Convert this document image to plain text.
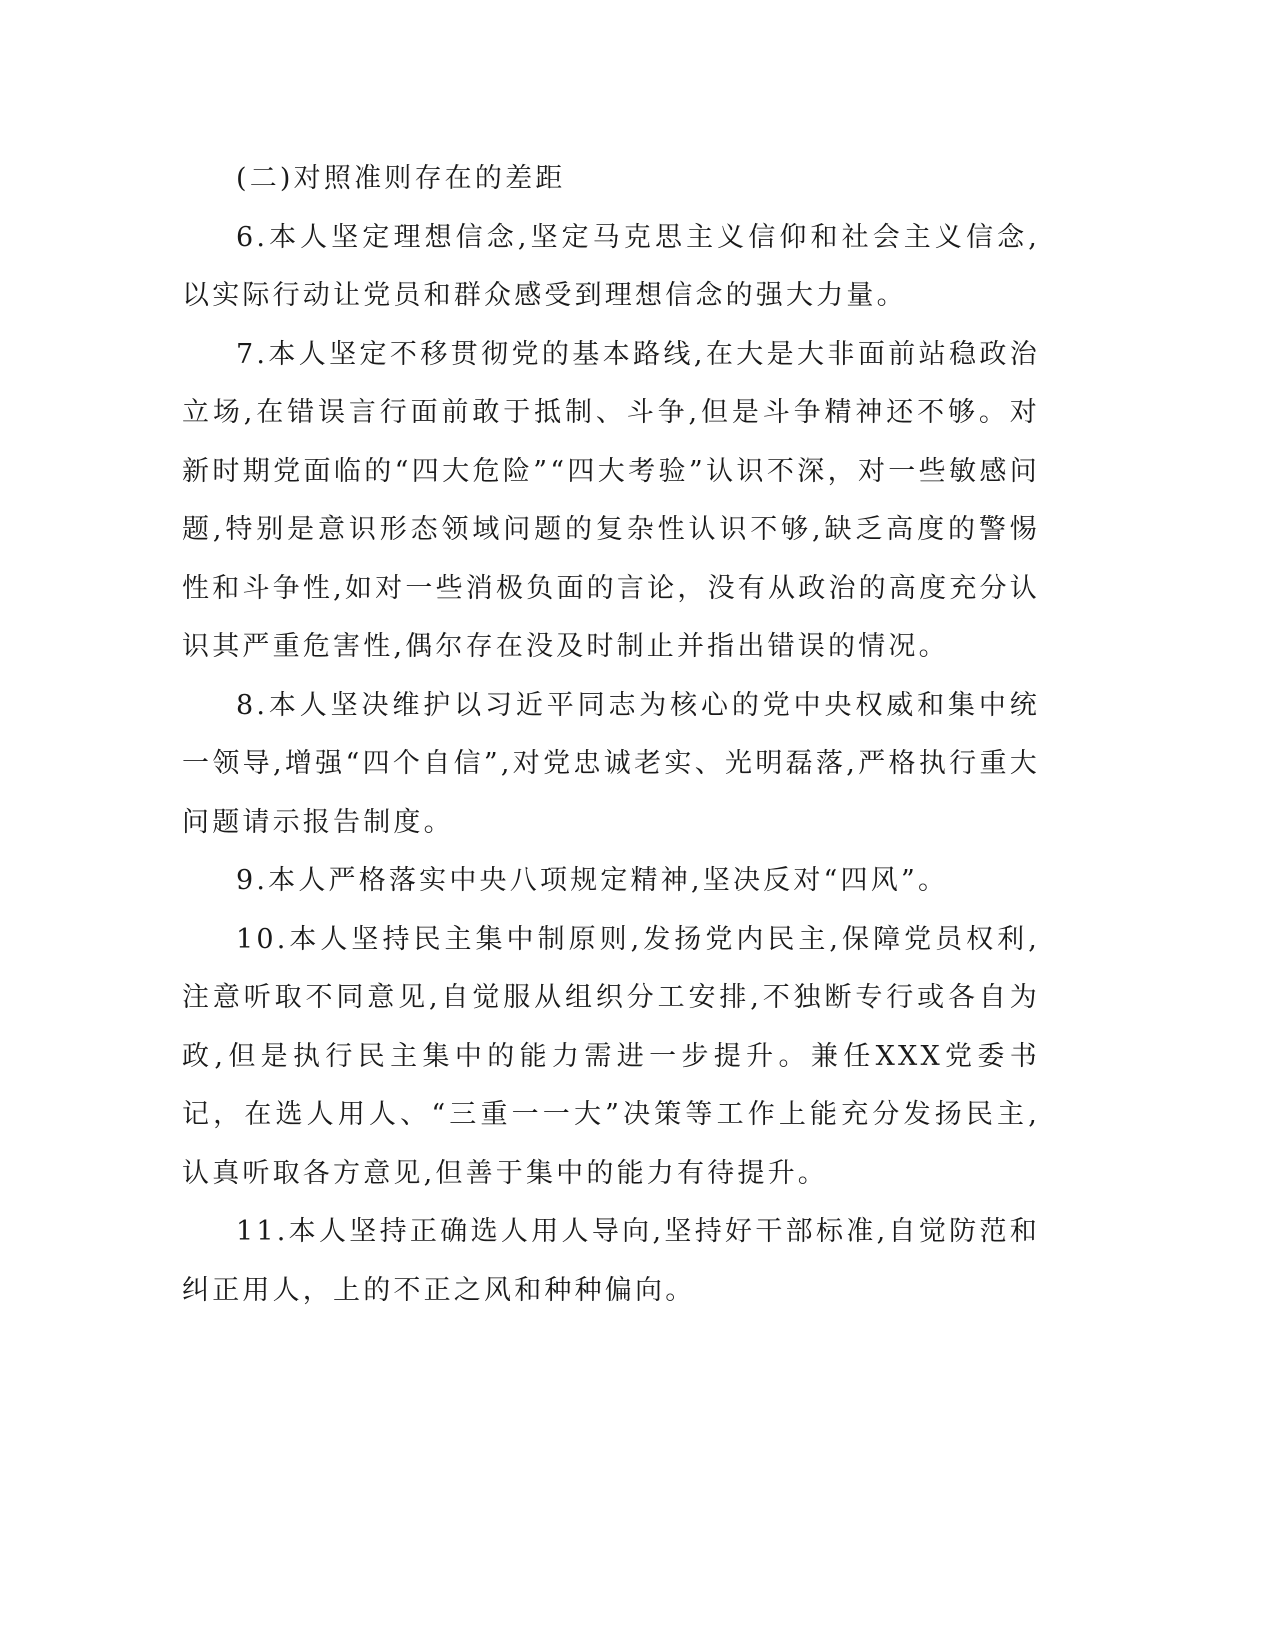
(二)对照准则存在的差距

6.本人坚定理想信念,坚定马克思主义信仰和社会主义信念,以实际行动让党员和群众感受到理想信念的强大力量。

7.本人坚定不移贯彻党的基本路线,在大是大非面前站稳政治立场,在错误言行面前敢于抵制、斗争,但是斗争精神还不够。对新时期党面临的“四大危险”“四大考验”认识不深，对一些敏感问题,特别是意识形态领域问题的复杂性认识不够,缺乏高度的警惕性和斗争性,如对一些消极负面的言论，没有从政治的高度充分认识其严重危害性,偶尔存在没及时制止并指出错误的情况。

8.本人坚决维护以习近平同志为核心的党中央权威和集中统一领导,增强“四个自信”,对党忠诚老实、光明磊落,严格执行重大问题请示报告制度。

9.本人严格落实中央八项规定精神,坚决反对“四风”。

10.本人坚持民主集中制原则,发扬党内民主,保障党员权利,注意听取不同意见,自觉服从组织分工安排,不独断专行或各自为政,但是执行民主集中的能力需进一步提升。兼任XXX党委书记，在选人用人、“三重一一大”决策等工作上能充分发扬民主,认真听取各方意见,但善于集中的能力有待提升。

11.本人坚持正确选人用人导向,坚持好干部标准,自觉防范和纠正用人，上的不正之风和种种偏向。
